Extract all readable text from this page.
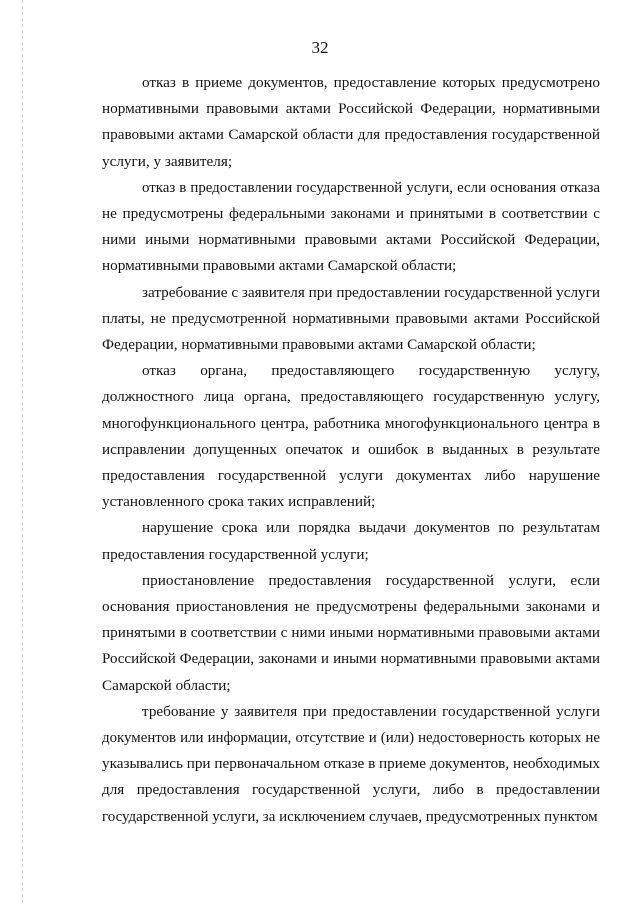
32

отказ в приеме документов, предоставление которых предусмотрено
нормативными правовыми актами Российской Федерации, нормативными
правовыми актами Самарской области для предоставления государственной
услуги, у заявителя;

отказ в предоставлении государственной услуги, если основания отказа
не предусмотрены федеральными законами и принятыми в соответствии с
ними иными нормативными правовыми актами Российской Федерации,
нормативными правовыми актами Самарской области;

затребование с заявителя при предоставлении государственной услуги
платы, не предусмотренной нормативными правовыми актами Российской
Федерации, нормативными правовыми актами Самарской области;

отказ органа, предоставляющего государственную услугу,
должностного лица органа, предоставляющего государственную услугу,
многофункционального центра, работника многофункционального центра в
исправлении допущенных опечаток и ошибок в выданных в результате
предоставления государственной услуги документах либо нарушение
установленного срока таких исправлений;

нарушение срока или порядка выдачи документов по результатам
предоставления государственной услуги;

приостановление предоставления государственной услуги, если
основания приостановления не предусмотрены федеральными законами и
принятыми в соответствии с ними иными нормативными правовыми актами
Российской Федерации, законами и иными нормативными правовыми актами
Самарской области;

требование у заявителя при предоставлении государственной услуги
документов или информации, отсутствие и (или) недостоверность которых не
указывались при первоначальном отказе в приеме документов, необходимых
для предоставления государственной услуги, либо в предоставлении
государственной услуги, за исключением случаев, предусмотренных пунктом
